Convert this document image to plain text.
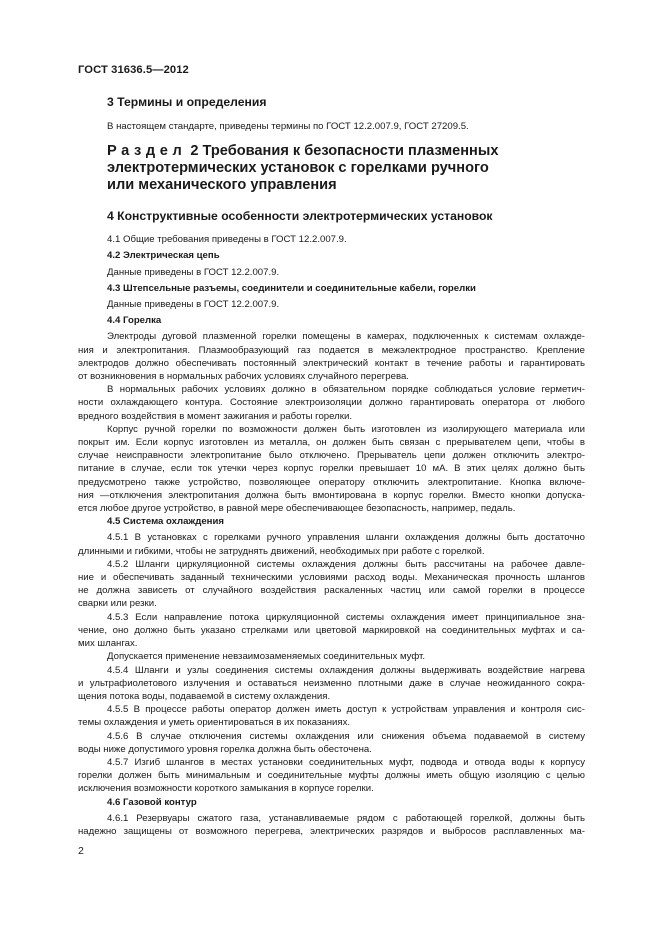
ГОСТ 31636.5—2012
3 Термины и определения
В настоящем стандарте, приведены термины по ГОСТ 12.2.007.9, ГОСТ 27209.5.
Раздел 2 Требования к безопасности плазменных
электротермических установок с горелками ручного
или механического управления
4 Конструктивные особенности электротермических установок
4.1 Общие требования приведены в ГОСТ 12.2.007.9.
4.2 Электрическая цепь
Данные приведены в ГОСТ 12.2.007.9.
4.3 Штепсельные разъемы, соединители и соединительные кабели, горелки
Данные приведены в ГОСТ 12.2.007.9.
4.4 Горелка
Электроды дуговой плазменной горелки помещены в камерах, подключенных к системам охлажде-
ния и электропитания. Плазмообразующий газ подается в межэлектродное пространство. Крепление
электродов должно обеспечивать постоянный электрический контакт в течение работы и гарантировать
от возникновения в нормальных рабочих условиях случайного перегрева.
В нормальных рабочих условиях должно в обязательном порядке соблюдаться условие герметич-
ности охлаждающего контура. Состояние электроизоляции должно гарантировать оператора от любого
вредного воздействия в момент зажигания и работы горелки.
Корпус ручной горелки по возможности должен быть изготовлен из изолирующего материала или
покрыт им. Если корпус изготовлен из металла, он должен быть связан с прерывателем цепи, чтобы в
случае неисправности электропитание было отключено. Прерыватель цепи должен отключить электро-
питание в случае, если ток утечки через корпус горелки превышает 10 мА. В этих целях должно быть
предусмотрено также устройство, позволяющее оператору отключить электропитание. Кнопка включе-
ния —отключения электропитания должна быть вмонтирована в корпус горелки. Вместо кнопки допуска-
ется любое другое устройство, в равной мере обеспечивающее безопасность, например, педаль.
4.5 Система охлаждения
4.5.1 В установках с горелками ручного управления шланги охлаждения должны быть достаточно
длинными и гибкими, чтобы не затруднять движений, необходимых при работе с горелкой.
4.5.2 Шланги циркуляционной системы охлаждения должны быть рассчитаны на рабочее давле-
ние и обеспечивать заданный техническими условиями расход воды. Механическая прочность шлангов
не должна зависеть от случайного воздействия раскаленных частиц или самой горелки в процессе
сварки или резки.
4.5.3 Если направление потока циркуляционной системы охлаждения имеет принципиальное зна-
чение, оно должно быть указано стрелками или цветовой маркировкой на соединительных муфтах и са-
мих шлангах.
Допускается применение невзаимозаменяемых соединительных муфт.
4.5.4 Шланги и узлы соединения системы охлаждения должны выдерживать воздействие нагрева
и ультрафиолетового излучения и оставаться неизменно плотными даже в случае неожиданного сокра-
щения потока воды, подаваемой в систему охлаждения.
4.5.5 В процессе работы оператор должен иметь доступ к устройствам управления и контроля сис-
темы охлаждения и уметь ориентироваться в их показаниях.
4.5.6 В случае отключения системы охлаждения или снижения объема подаваемой в систему
воды ниже допустимого уровня горелка должна быть обесточена.
4.5.7 Изгиб шлангов в местах установки соединительных муфт, подвода и отвода воды к корпусу
горелки должен быть минимальным и соединительные муфты должны иметь общую изоляцию с целью
исключения возможности короткого замыкания в корпусе горелки.
4.6 Газовой контур
4.6.1 Резервуары сжатого газа, устанавливаемые рядом с работающей горелкой, должны быть
надежно защищены от возможного перегрева, электрических разрядов и выбросов расплавленных ма-
2
